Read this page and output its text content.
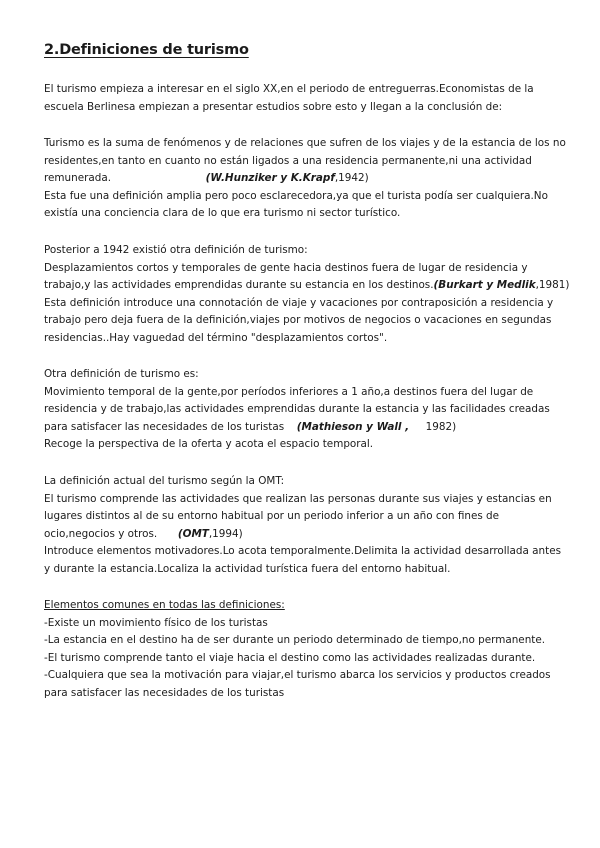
2.Definiciones de turismo

El turismo empieza a interesar en el siglo XX,en el periodo de entreguerras.Economistas de la

escuela Berlinesa empiezan a presentar estudios sobre esto y llegan a la conclusión de:

Turismo es la suma de fenómenos y de relaciones que sufren de los viajes y de la estancia de los no

residentes,en tanto en cuanto no están ligados a una residencia permanente,ni una actividad

remunerada.	(W.Hunziker y K.Krapf,1942)

Esta fue una definición amplia pero poco esclarecedora,ya que el turista podía ser cualquiera.No

existía una conciencia clara de lo que era turismo ni sector turístico.

Posterior a 1942 existió otra definición de turismo:

Desplazamientos cortos y temporales de gente hacia destinos fuera de lugar de residencia y

trabajo,y las actividades emprendidas durante su estancia en los destinos.(Burkart y Medlik,1981)

Esta definición introduce una connotación de viaje y vacaciones por contraposición a residencia y

trabajo pero deja fuera de la definición,viajes por motivos de negocios o vacaciones en segundas

residencias..Hay vaguedad del término "desplazamientos cortos".

Otra definición de turismo es:

Movimiento temporal de la gente,por períodos inferiores a 1 año,a destinos fuera del lugar de

residencia y de trabajo,las actividades emprendidas durante la estancia y las facilidades creadas

para satisfacer las necesidades de los turistas (Mathieson y Wall , 1982)

Recoge la perspectiva de la oferta y acota el espacio temporal.

La definición actual del turismo según la OMT:

El turismo comprende las actividades que realizan las personas durante sus viajes y estancias en

lugares distintos al de su entorno habitual por un periodo inferior a un año con fines de

ocio,negocios y otros. (OMT,1994)

Introduce elementos motivadores.Lo acota temporalmente.Delimita la actividad desarrollada antes

y durante la estancia.Localiza la actividad turística fuera del entorno habitual.

Elementos comunes en todas las definiciones:

-Existe un movimiento físico de los turistas

-La estancia en el destino ha de ser durante un periodo determinado de tiempo,no permanente.

-El turismo comprende tanto el viaje hacia el destino como las actividades realizadas durante.

-Cualquiera que sea la motivación para viajar,el turismo abarca los servicios y productos creados

para satisfacer las necesidades de los turistas
